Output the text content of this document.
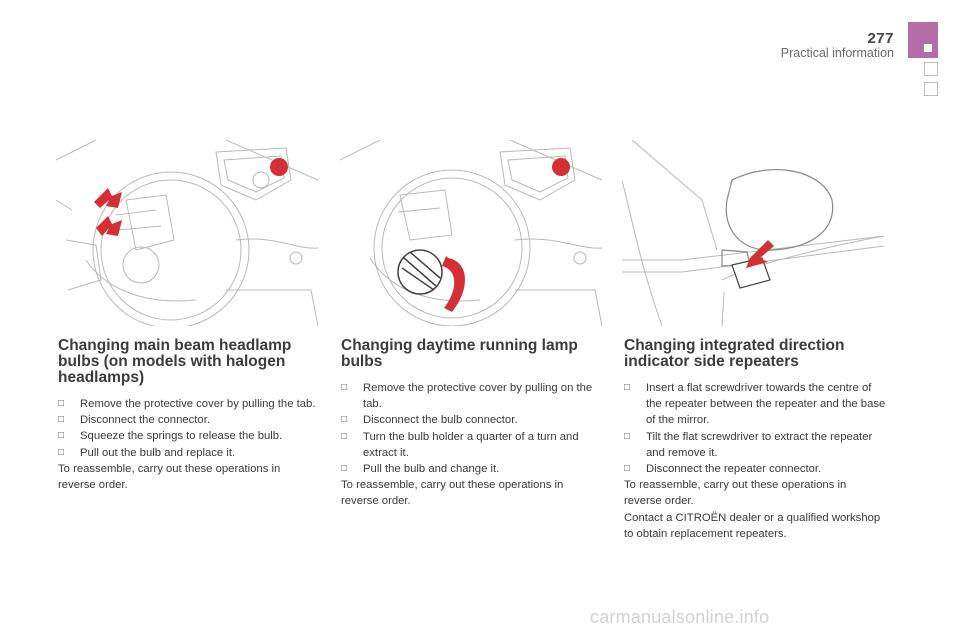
277
Practical information
Changing main beam headlamp bulbs (on models with halogen headlamps)
□ Remove the protective cover by pulling the tab.
□ Disconnect the connector.
□ Squeeze the springs to release the bulb.
□ Pull out the bulb and replace it.

To reassemble, carry out these operations in reverse order.

Changing daytime running lamp bulbs
□ Remove the protective cover by pulling on the tab.
□ Disconnect the bulb connector.
□ Turn the bulb holder a quarter of a turn and extract it.
□ Pull the bulb and change it.

To reassemble, carry out these operations in reverse order.

Changing integrated direction indicator side repeaters
□ Insert a flat screwdriver towards the centre of the repeater between the repeater and the base of the mirror.
□ Tilt the flat screwdriver to extract the repeater and remove it.
□ Disconnect the repeater connector.

To reassemble, carry out these operations in reverse order.

Contact a CITROËN dealer or a qualified workshop to obtain replacement repeaters.

carmanualsonline.info
